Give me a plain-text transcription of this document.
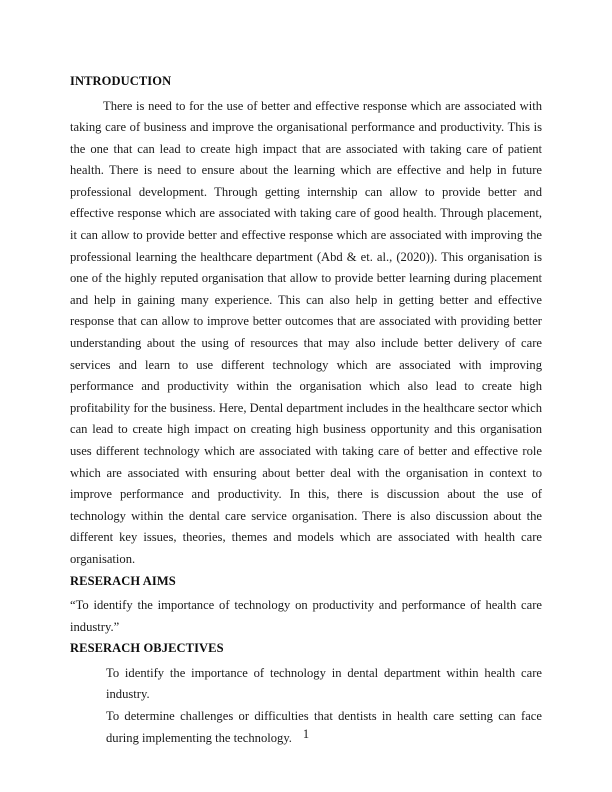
INTRODUCTION

There is need to for the use of better and effective response which are associated with taking care of business and improve the organisational performance and productivity. This is the one that can lead to create high impact that are associated with taking care of patient health. There is need to ensure about the learning which are effective and help in future professional development. Through getting internship can allow to provide better and effective response which are associated with taking care of good health. Through placement, it can allow to provide better and effective response which are associated with improving the professional learning the healthcare department (Abd & et. al., (2020)). This organisation is one of the highly reputed organisation that allow to provide better learning during placement and help in gaining many experience. This can also help in getting better and effective response that can allow to improve better outcomes that are associated with providing better understanding about the using of resources that may also include better delivery of care services and learn to use different technology which are associated with improving performance and productivity within the organisation which also lead to create high profitability for the business. Here, Dental department includes in the healthcare sector which can lead to create high impact on creating high business opportunity and this organisation uses different technology which are associated with taking care of better and effective role which are associated with ensuring about better deal with the organisation in context to improve performance and productivity. In this, there is discussion about the use of technology within the dental care service organisation. There is also discussion about the different key issues, theories, themes and models which are associated with health care organisation.

RESERACH AIMS

“To identify the importance of technology on productivity and performance of health care industry.”

RESERACH OBJECTIVES

To identify the importance of technology in dental department within health care industry.

To determine challenges or difficulties that dentists in health care setting can face during implementing the technology. 1
